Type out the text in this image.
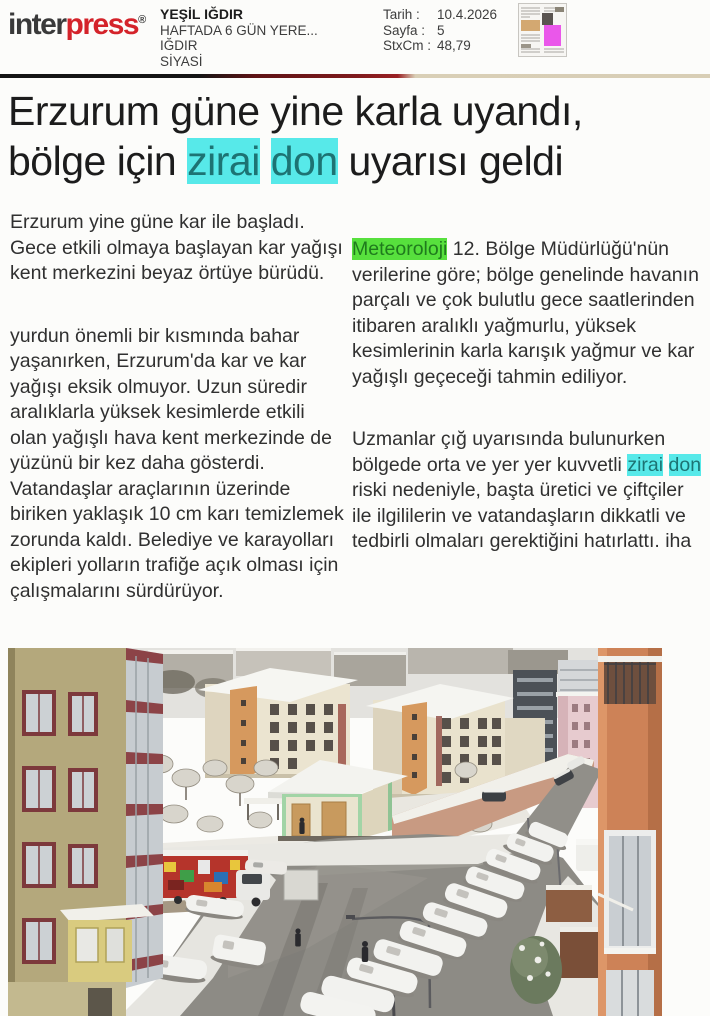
interpress® YEŞİL IĞDIR
HAFTADA 6 GÜN YERE...
IĞDIR
SİYASİ
Tarih : 10.4.2026
Sayfa : 5
StxCm : 48,79
Erzurum güne yine karla uyandı,
bölge için zirai don uyarısı geldi

Erzurum yine güne kar ile başladı. Gece etkili olmaya başlayan kar yağışı kent merkezini beyaz örtüye bürüdü.

yurdun önemli bir kısmında bahar yaşanırken, Erzurum'da kar ve kar yağışı eksik olmuyor. Uzun süredir aralıklarla yüksek kesimlerde etkili olan yağışlı hava kent merkezinde de yüzünü bir kez daha gösterdi. Vatandaşlar araçlarının üzerinde biriken yaklaşık 10 cm karı temizlemek zorunda kaldı. Belediye ve karayolları ekipleri yolların trafiğe açık olması için çalışmalarını sürdürüyor.

Meteoroloji 12. Bölge Müdürlüğü'nün verilerine göre; bölge genelinde havanın parçalı ve çok bulutlu gece saatlerinden itibaren aralıklı yağmurlu, yüksek kesimlerinin karla karışık yağmur ve kar yağışlı geçeceği tahmin ediliyor.

Uzmanlar çığ uyarısında bulunurken bölgede orta ve yer yer kuvvetli zirai don riski nedeniyle, başta üretici ve çiftçiler ile ilgililerin ve vatandaşların dikkatli ve tedbirli olmaları gerektiğini hatırlattı. iha
